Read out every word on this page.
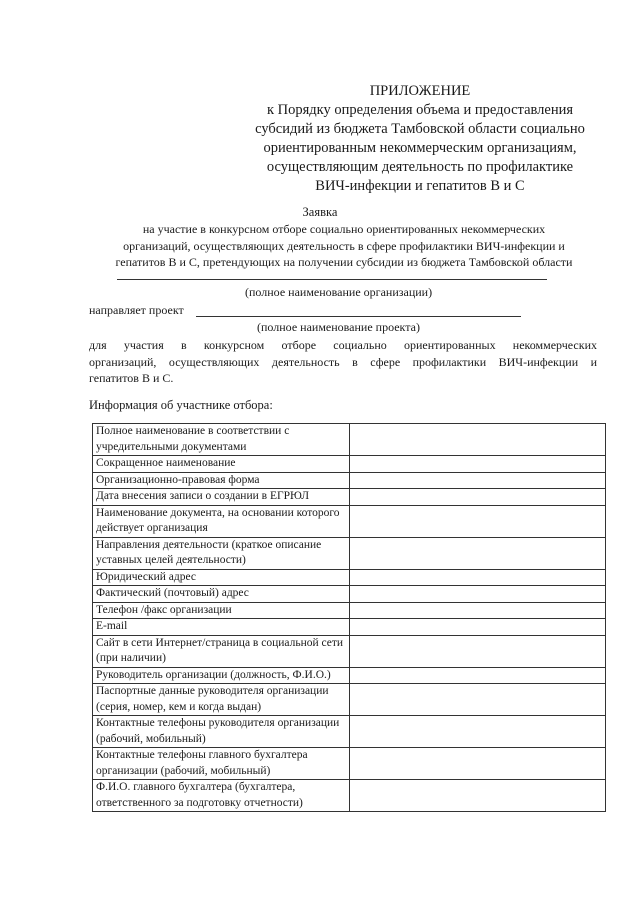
ПРИЛОЖЕНИЕ
к Порядку определения объема и предоставления
субсидий из бюджета Тамбовской области социально
ориентированным некоммерческим организациям,
осуществляющим деятельность по профилактике
ВИЧ-инфекции и гепатитов В и С
Заявка
на участие в конкурсном отборе социально ориентированных некоммерческих
организаций, осуществляющих деятельность в сфере профилактики ВИЧ-инфекции и
гепатитов В и С, претендующих на получении субсидии из бюджета Тамбовской области
(полное наименование организации)
направляет проект
(полное наименование проекта)
для участия в конкурсном отборе социально ориентированных некоммерческих
организаций, осуществляющих деятельность в сфере профилактики ВИЧ-инфекции и
гепатитов В и С.
Информация об участнике отбора:
Полное наименование в соответствии с учредительными документами	
Сокращенное наименование	
Организационно-правовая форма	
Дата внесения записи о создании в ЕГРЮЛ	
Наименование документа, на основании которого действует организация	
Направления деятельности (краткое описание уставных целей деятельности)	
Юридический адрес	
Фактический (почтовый) адрес	
Телефон /факс организации	
E-mail	
Сайт в сети Интернет/страница в социальной сети (при наличии)	
Руководитель организации (должность, Ф.И.О.)	
Паспортные данные руководителя организации (серия, номер, кем и когда выдан)	
Контактные телефоны руководителя организации (рабочий, мобильный)	
Контактные телефоны главного бухгалтера организации (рабочий, мобильный)	
Ф.И.О. главного бухгалтера (бухгалтера, ответственного за подготовку отчетности)	
